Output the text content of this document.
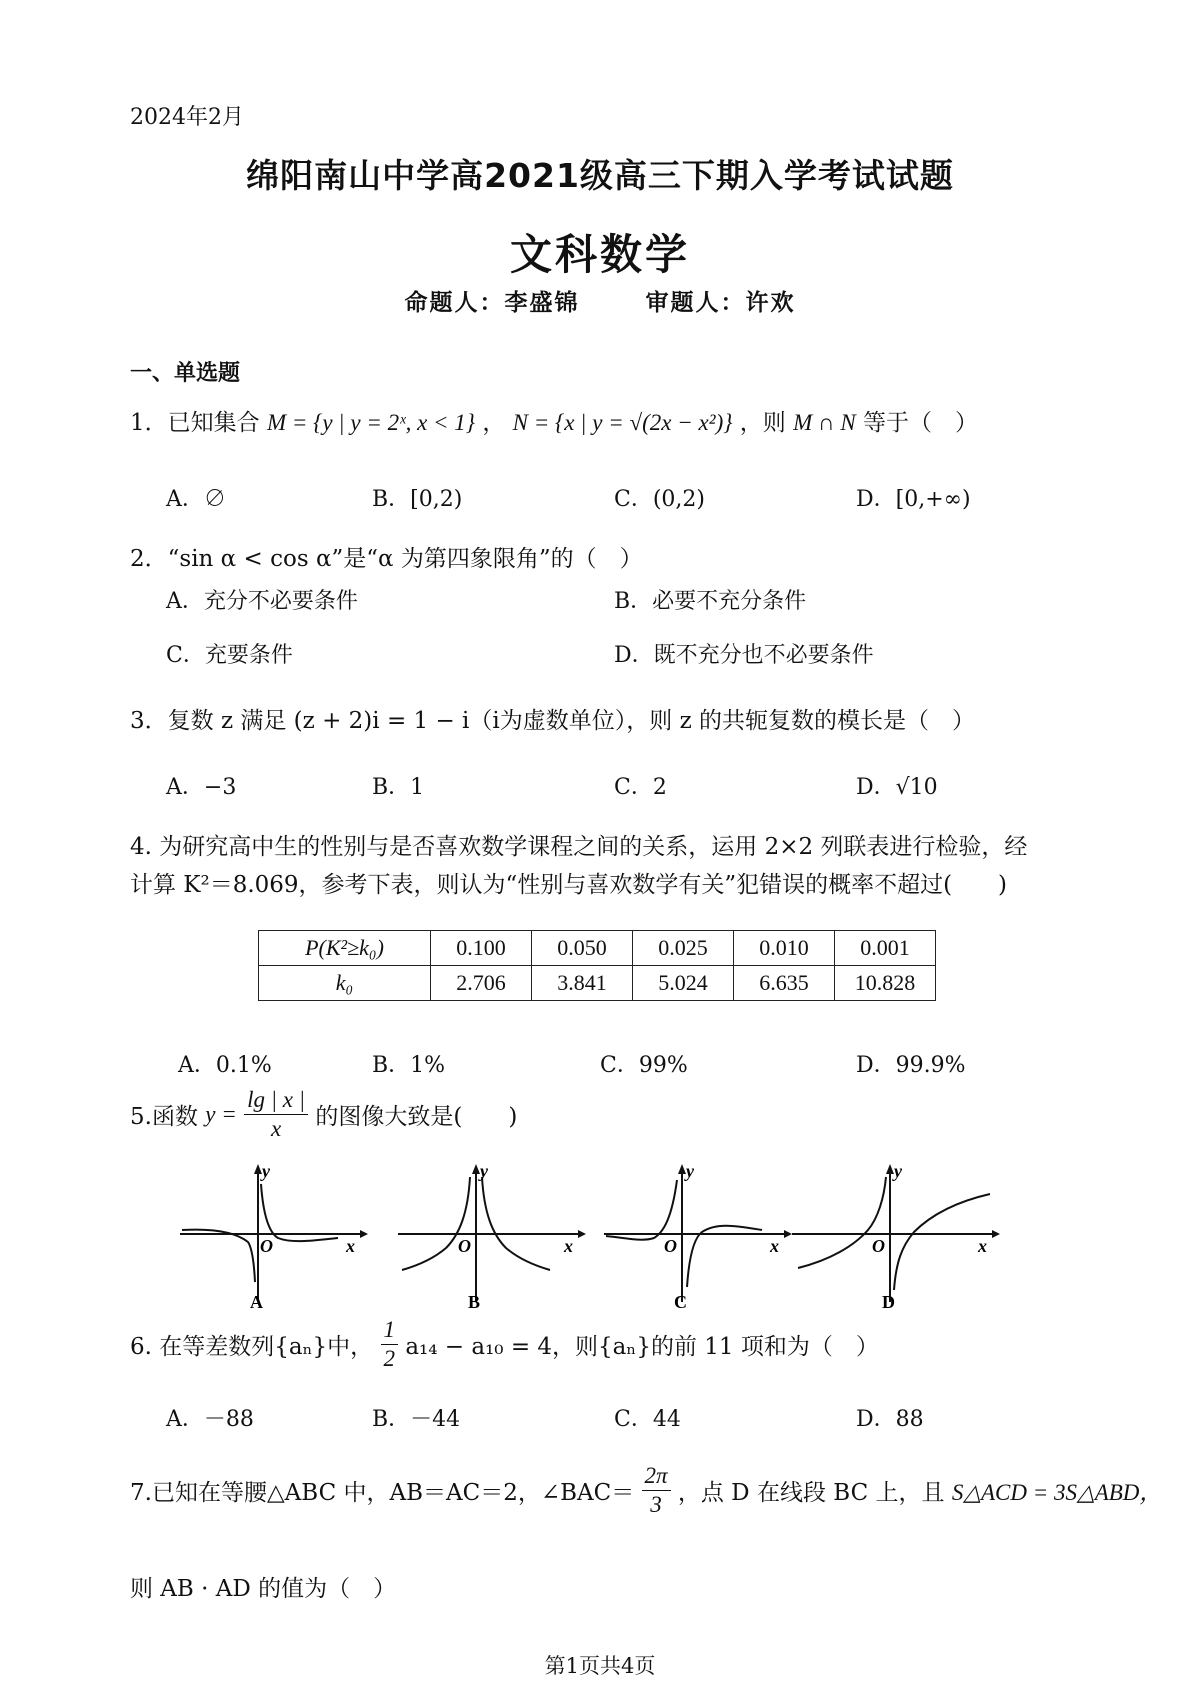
2024年2月
绵阳南山中学高2021级高三下期入学考试试题
文科数学
命题人：李盛锦	审题人：许欢
一、单选题
1．已知集合 M = {y | y = 2ˣ, x < 1} ， N = {x | y = √(2x − x²)} ，则 M ∩ N 等于（　）
A．∅	B．[0,2)	C．(0,2)	D．[0,+∞)
2．“sin α < cos α”是“α 为第四象限角”的（　）
A．充分不必要条件	B．必要不充分条件
C．充要条件	D．既不充分也不必要条件
3．复数 z 满足 (z + 2)i = 1 − i（i为虚数单位），则 z 的共轭复数的模长是（　）
A．−3	B．1	C．2	D．√10
4. 为研究高中生的性别与是否喜欢数学课程之间的关系，运用 2×2 列联表进行检验，经
计算 K²＝8.069，参考下表，则认为“性别与喜欢数学有关”犯错误的概率不超过(　　)
P(K²≥k₀)	0.100	0.050	0.025	0.010	0.001
k₀	2.706	3.841	5.024	6.635	10.828
A．0.1%	B．1%	C．99%	D．99.9%
5.函数 $y = \frac{\lg | x |}{x}$ 的图像大致是(　　)
y
x
O
A
y
x
O
B
y
x
O
C
y
x
O
D
6. 在等差数列{aₙ}中， $\frac{1}{2} a_{14} - a_{10} = 4$，则{aₙ}的前 11 项和为（　）
A．－88	B．－44	C．44	D．88
7.已知在等腰△ABC 中，AB＝AC＝2，∠BAC＝ $\frac{2\pi}{3}$ ，点 D 在线段 BC 上，且 S△ACD = 3S△ABD，
则 AB · AD 的值为（　）
第1页共4页
